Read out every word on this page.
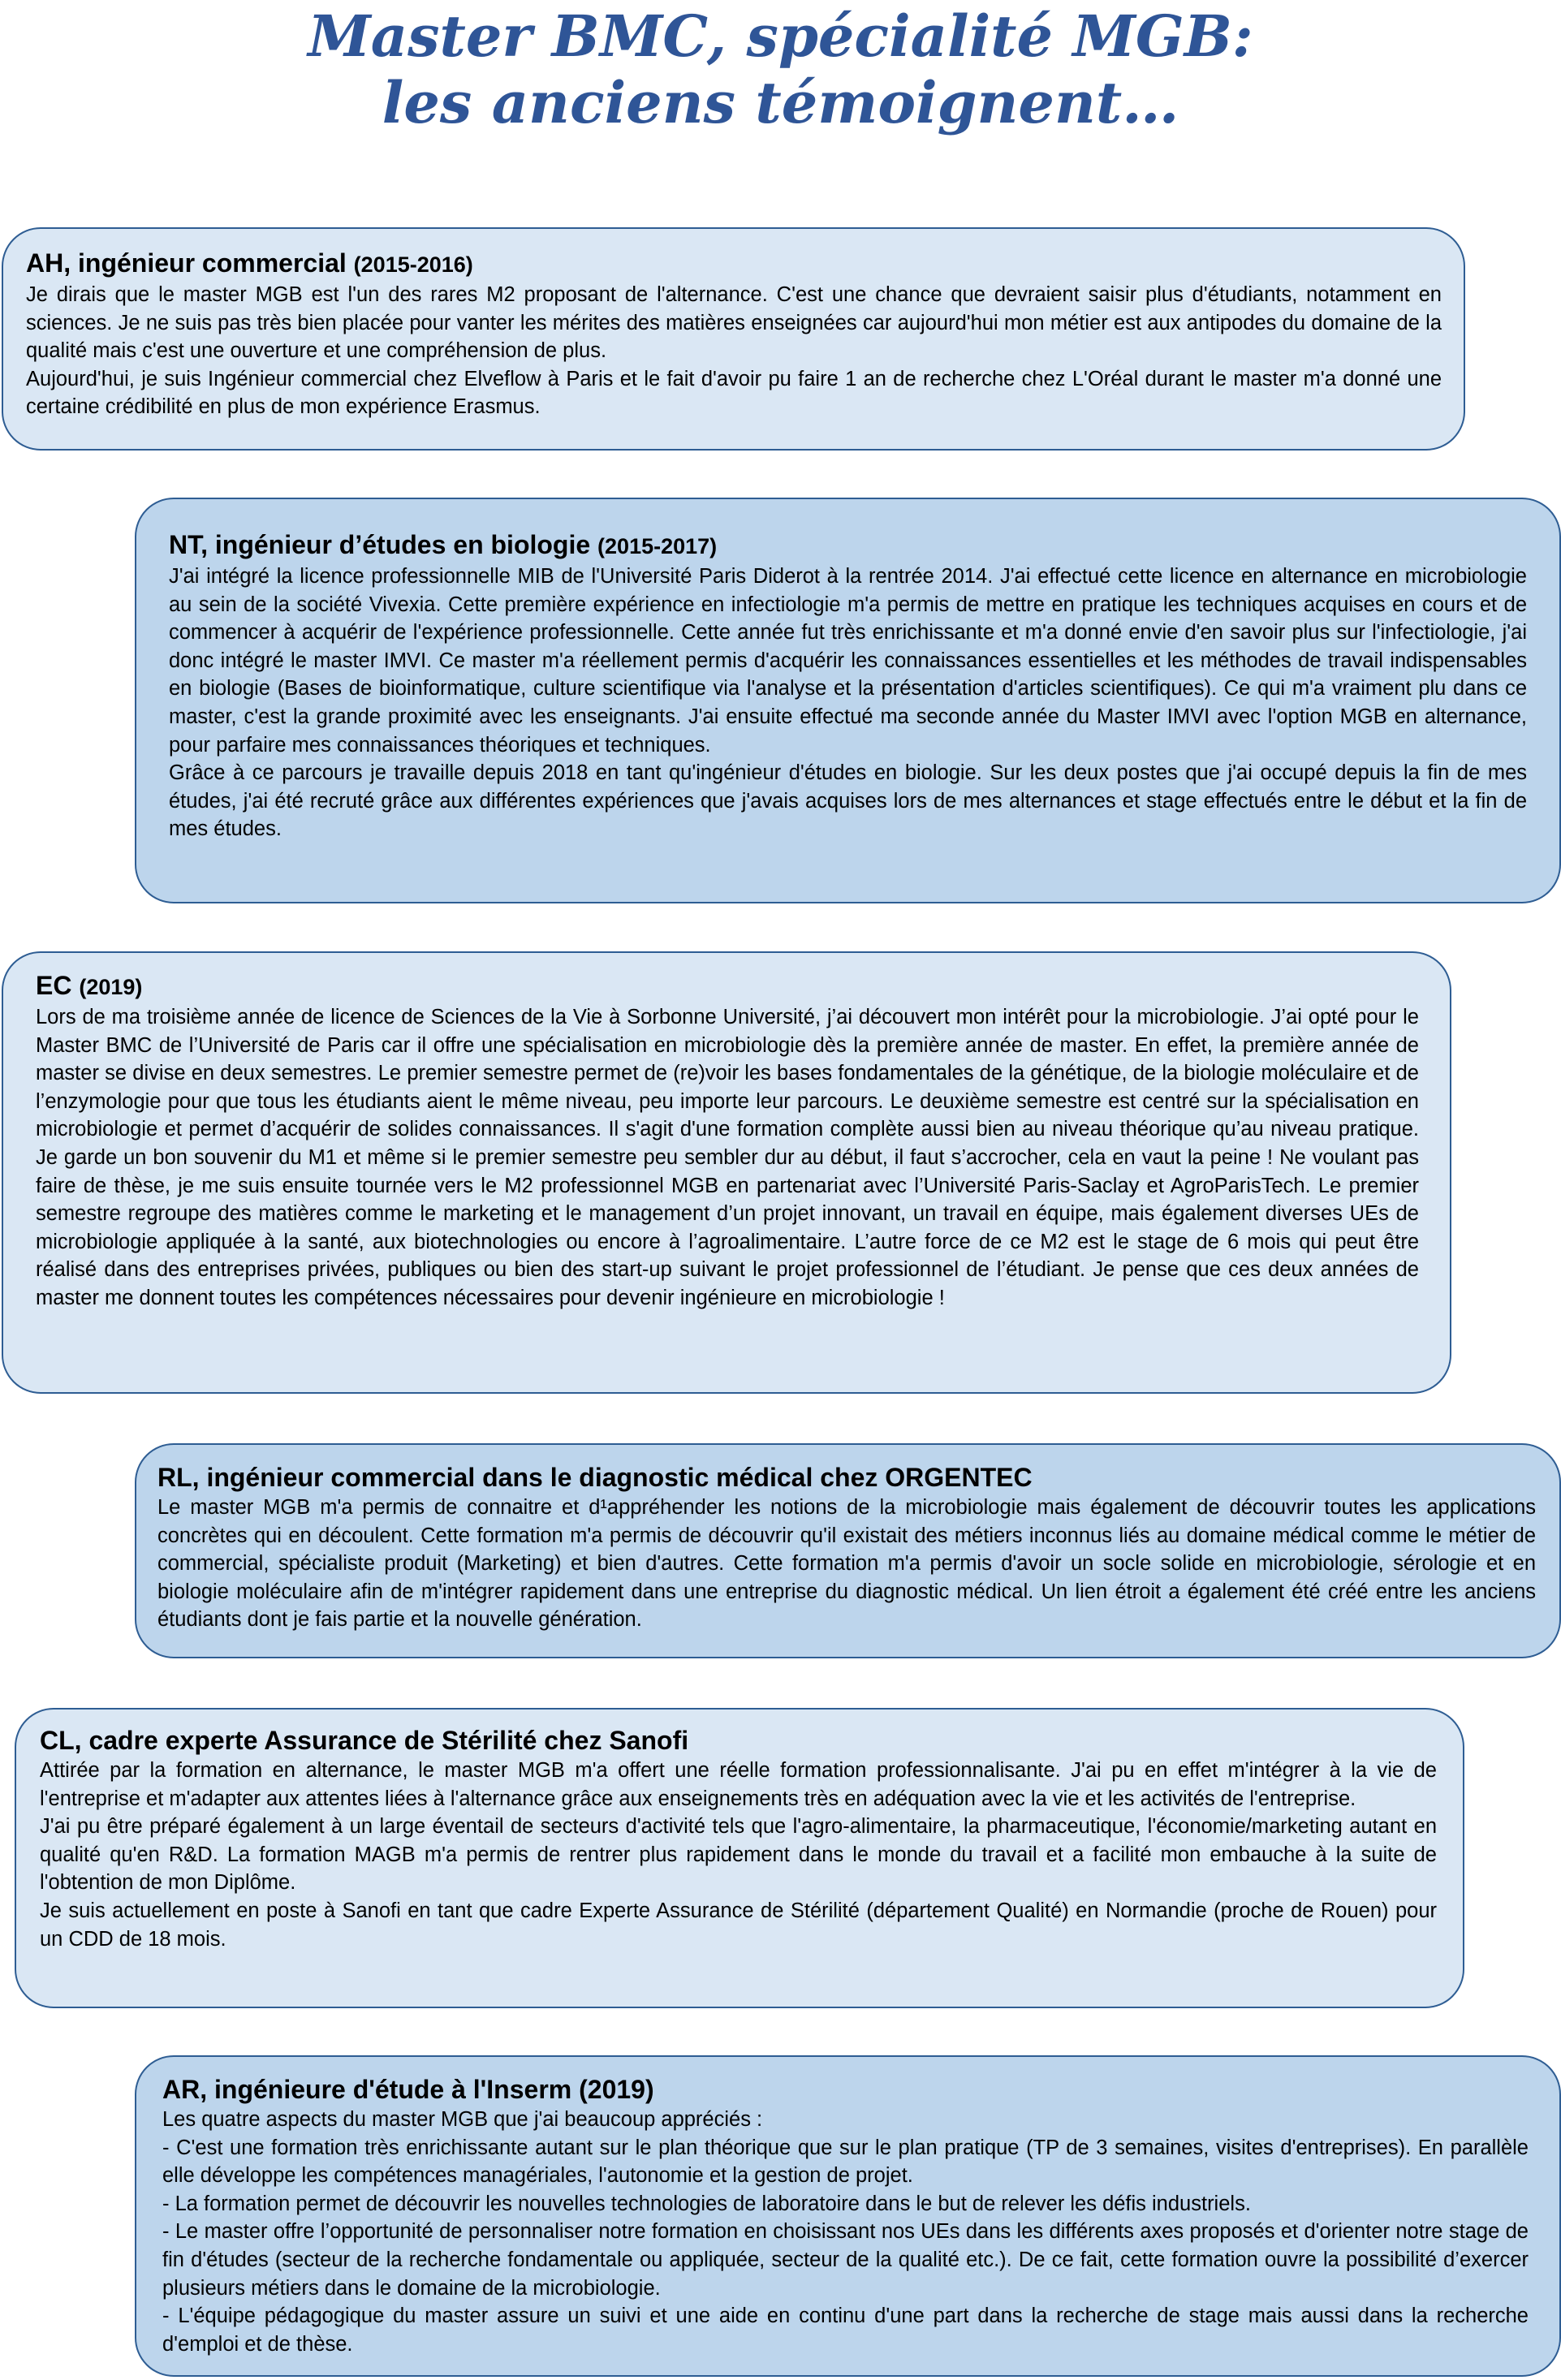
Master BMC, spécialité MGB:
les anciens témoignent…
AH, ingénieur commercial (2015-2016)

Je dirais que le master MGB est l'un des rares M2 proposant de l'alternance. C'est une chance que devraient saisir plus d'étudiants, notamment en sciences. Je ne suis pas très bien placée pour vanter les mérites des matières enseignées car aujourd'hui mon métier est aux antipodes du domaine de la qualité mais c'est une ouverture et une compréhension de plus.

Aujourd'hui, je suis Ingénieur commercial chez Elveflow à Paris et le fait d'avoir pu faire 1 an de recherche chez L'Oréal durant le master m'a donné une certaine crédibilité en plus de mon expérience Erasmus.

NT, ingénieur d’études en biologie (2015-2017)

J'ai intégré la licence professionnelle MIB de l'Université Paris Diderot à la rentrée 2014. J'ai effectué cette licence en alternance en microbiologie au sein de la société Vivexia. Cette première expérience en infectiologie m'a permis de mettre en pratique les techniques acquises en cours et de commencer à acquérir de l'expérience professionnelle. Cette année fut très enrichissante et m'a donné envie d'en savoir plus sur l'infectiologie, j'ai donc intégré le master IMVI. Ce master m'a réellement permis d'acquérir les connaissances essentielles et les méthodes de travail indispensables en biologie (Bases de bioinformatique, culture scientifique via l'analyse et la présentation d'articles scientifiques). Ce qui m'a vraiment plu dans ce master, c'est la grande proximité avec les enseignants. J'ai ensuite effectué ma seconde année du Master IMVI avec l'option MGB en alternance, pour parfaire mes connaissances théoriques et techniques.

Grâce à ce parcours je travaille depuis 2018 en tant qu'ingénieur d'études en biologie. Sur les deux postes que j'ai occupé depuis la fin de mes études, j'ai été recruté grâce aux différentes expériences que j'avais acquises lors de mes alternances et stage effectués entre le début et la fin de mes études.

EC (2019)

Lors de ma troisième année de licence de Sciences de la Vie à Sorbonne Université, j’ai découvert mon intérêt pour la microbiologie. J’ai opté pour le Master BMC de l’Université de Paris car il offre une spécialisation en microbiologie dès la première année de master. En effet, la première année de master se divise en deux semestres. Le premier semestre permet de (re)voir les bases fondamentales de la génétique, de la biologie moléculaire et de l’enzymologie pour que tous les étudiants aient le même niveau, peu importe leur parcours. Le deuxième semestre est centré sur la spécialisation en microbiologie et permet d’acquérir de solides connaissances. Il s'agit d'une formation complète aussi bien au niveau théorique qu’au niveau pratique. Je garde un bon souvenir du M1 et même si le premier semestre peu sembler dur au début, il faut s’accrocher, cela en vaut la peine ! Ne voulant pas faire de thèse, je me suis ensuite tournée vers le M2 professionnel MGB en partenariat avec l’Université Paris-Saclay et AgroParisTech. Le premier semestre regroupe des matières comme le marketing et le management d’un projet innovant, un travail en équipe, mais également diverses UEs de microbiologie appliquée à la santé, aux biotechnologies ou encore à l’agroalimentaire. L’autre force de ce M2 est le stage de 6 mois qui peut être réalisé dans des entreprises privées, publiques ou bien des start-up suivant le projet professionnel de l’étudiant. Je pense que ces deux années de master me donnent toutes les compétences nécessaires pour devenir ingénieure en microbiologie !

RL, ingénieur commercial dans le diagnostic médical chez ORGENTEC

Le master MGB m'a permis de connaitre et d¹appréhender les notions de la microbiologie mais également de découvrir toutes les applications concrètes qui en découlent. Cette formation m'a permis de découvrir qu'il existait des métiers inconnus liés au domaine médical comme le métier de commercial, spécialiste produit (Marketing) et bien d'autres. Cette formation m'a permis d'avoir un socle solide en microbiologie, sérologie et en biologie moléculaire afin de m'intégrer rapidement dans une entreprise du diagnostic médical. Un lien étroit a également été créé entre les anciens étudiants dont je fais partie et la nouvelle génération.

CL, cadre experte Assurance de Stérilité chez Sanofi

Attirée par la formation en alternance, le master MGB m'a offert une réelle formation professionnalisante. J'ai pu en effet m'intégrer à la vie de l'entreprise et m'adapter aux attentes liées à l'alternance grâce aux enseignements très en adéquation avec la vie et les activités de l'entreprise.

J'ai pu être préparé également à un large éventail de secteurs d'activité tels que l'agro-alimentaire, la pharmaceutique, l'économie/marketing autant en qualité qu'en R&D. La formation MAGB m'a permis de rentrer plus rapidement dans le monde du travail et a facilité mon embauche à la suite de l'obtention de mon Diplôme.

Je suis actuellement en poste à Sanofi en tant que cadre Experte Assurance de Stérilité (département Qualité) en Normandie (proche de Rouen) pour un CDD de 18 mois.

AR, ingénieure d'étude à l'Inserm (2019)

Les quatre aspects du master MGB que j'ai beaucoup appréciés :

- C'est une formation très enrichissante autant sur le plan théorique que sur le plan pratique (TP de 3 semaines, visites d'entreprises). En parallèle elle développe les compétences managériales, l'autonomie et la gestion de projet.

- La formation permet de découvrir les nouvelles technologies de laboratoire dans le but de relever les défis industriels.

- Le master offre l’opportunité de personnaliser notre formation en choisissant nos UEs dans les différents axes proposés et d'orienter notre stage de fin d'études (secteur de la recherche fondamentale ou appliquée, secteur de la qualité etc.). De ce fait, cette formation ouvre la possibilité d’exercer plusieurs métiers dans le domaine de la microbiologie.

- L'équipe pédagogique du master assure un suivi et une aide en continu d'une part dans la recherche de stage mais aussi dans la recherche d'emploi et de thèse.
